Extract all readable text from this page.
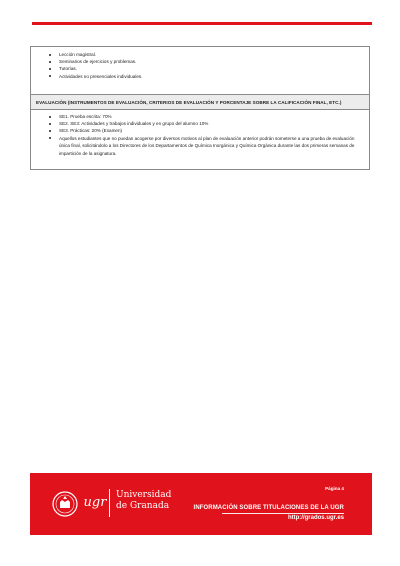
Lección magistral.
Seminarios de ejercicios y problemas.
Tutorías.
Actividades no presenciales individuales.
EVALUACIÓN (INSTRUMENTOS DE EVALUACIÓN, CRITERIOS DE EVALUACIÓN Y PORCENTAJE SOBRE LA CALIFICACIÓN FINAL, ETC.)
SE1. Prueba escrita: 70%
SE2. SE3: Actividades y trabajos individuales y en grupo del alumno 10%
SE3. Prácticas: 20% (Examen)
Aquellos estudiantes que no puedan acogerse por diversos motivos al plan de evaluación anterior podrán someterse a una prueba de evaluación única final, solicitándolo a los Directores de los Departamentos de Química Inorgánica y Química Orgánica durante las dos primeras semanas de impartición de la asignatura.
ugr Universidad
de Granada
Página 4
INFORMACIÓN SOBRE TITULACIONES DE LA UGR
http://grados.ugr.es
